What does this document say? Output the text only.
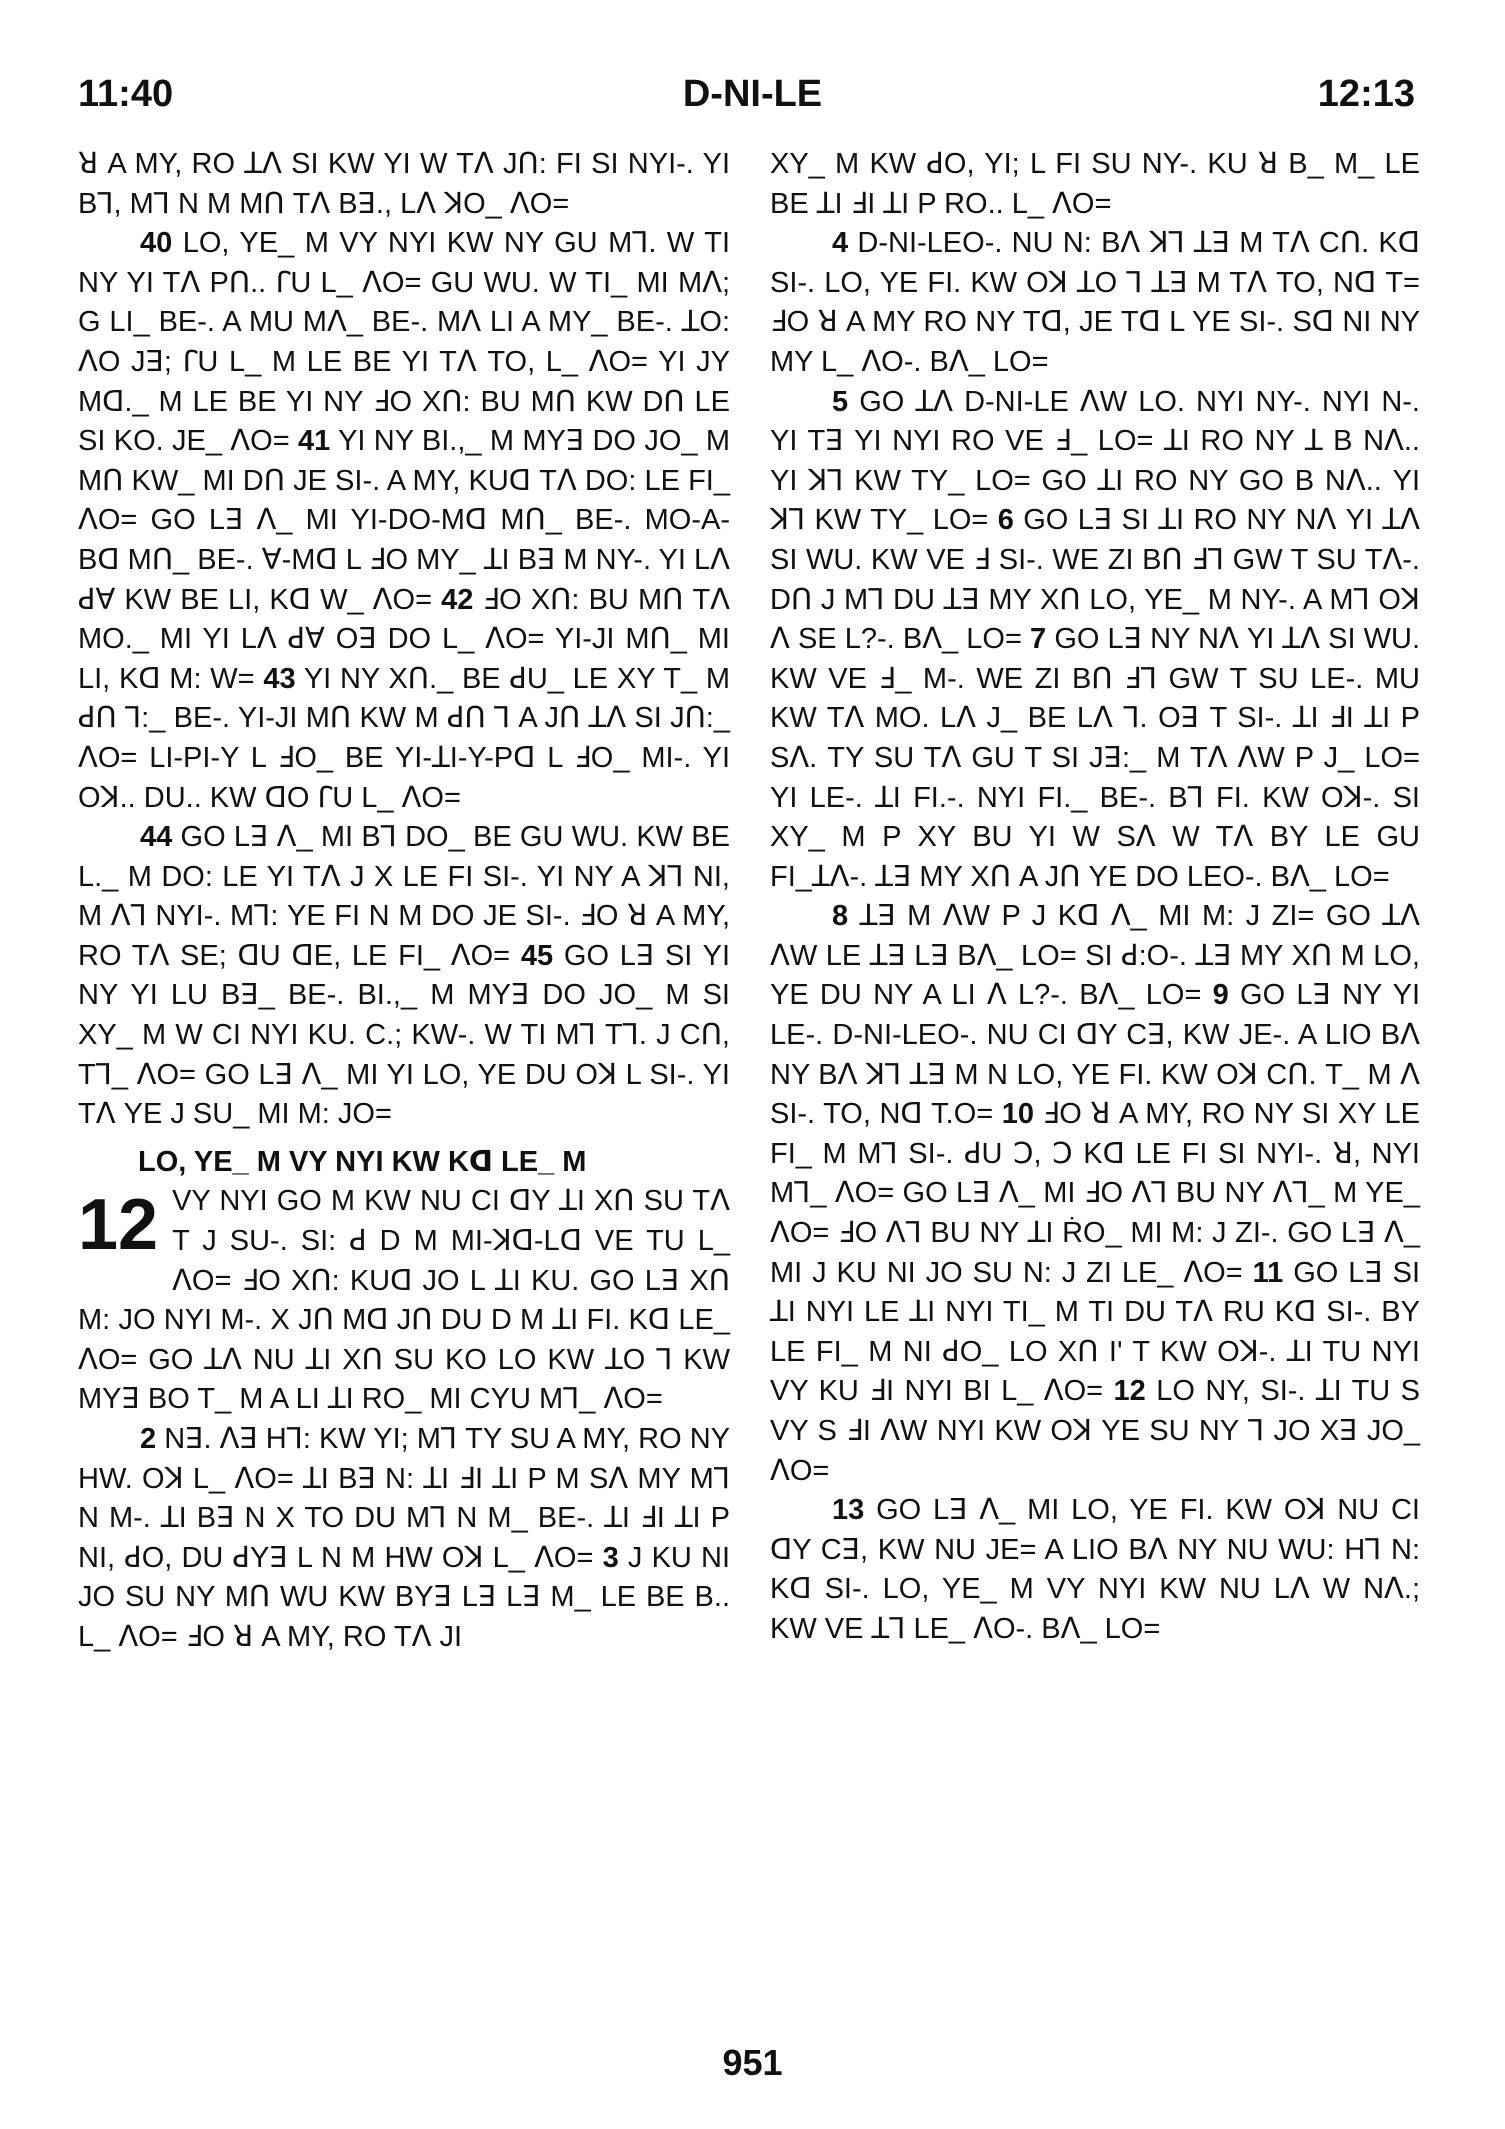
11:40	D-NI-LE	12:13

ꓤ A MY, RO ꓕꓥ SI KW YI W Tꓥ Jꓵ: FI SI NYI-. YI Bꓶ, Mꓶ N M Mꓵ Tꓥ Bꓱ., Lꓥ ꓘO_ ꓥO=

40 LO, YE_ M VY NYI KW NY GU Mꓶ. W TI NY YI Tꓥ Pꓵ.. ꓩU L_ ꓥO= GU WU. W TI_ MI Mꓥ; G LI_ BE-. A MU Mꓥ_ BE-. Mꓥ LI A MY_ BE-. ꓕO: ꓥO Jꓱ; ꓩU L_ M LE BE YI Tꓥ TO, L_ ꓥO= YI JY Mꓷ._ M LE BE YI NY ꓞO Xꓵ: BU Mꓵ KW Dꓵ LE SI KO. JE_ ꓥO= 41 YI NY BI.,_ M MYꓱ DO JO_ M Mꓵ KW_ MI Dꓵ JE SI-. A MY, KUꓷ Tꓥ DO: LE FI_ ꓥO= GO Lꓱ ꓥ_ MI YI-DO-Mꓷ Mꓵ_ BE-. MO-A-Bꓷ Mꓵ_ BE-. ꓯ-Mꓷ L ꓞO MY_ ꓕI Bꓱ M NY-. YI Lꓥ ꓒꓯ KW BE LI, Kꓷ W_ ꓥO= 42 ꓞO Xꓵ: BU Mꓵ Tꓥ MO._ MI YI Lꓥ ꓒꓯ Oꓱ DO L_ ꓥO= YI-JI Mꓵ_ MI LI, Kꓷ M: W= 43 YI NY Xꓵ._ BE ꓒU_ LE XY T_ M ꓒꓵ ꓶ:_ BE-. YI-JI Mꓵ KW M ꓒꓵ ꓶ A Jꓵ ꓕꓥ SI Jꓵ:_ ꓥO= LI-PI-Y L ꓞO_ BE YI-ꓕI-Y-Pꓷ L ꓞO_ MI-. YI Oꓘ.. DU.. KW ꓷO ꓩU L_ ꓥO=

44 GO Lꓱ ꓥ_ MI Bꓶ DO_ BE GU WU. KW BE L._ M DO: LE YI Tꓥ J X LE FI SI-. YI NY A ꓘꓶ NI, M ꓥꓶ NYI-. Mꓶ: YE FI N M DO JE SI-. ꓞO ꓤ A MY, RO Tꓥ SE; ꓷU ꓷE, LE FI_ ꓥO= 45 GO Lꓱ SI YI NY YI LU Bꓱ_ BE-. BI.,_ M MYꓱ DO JO_ M SI XY_ M W CI NYI KU. C.; KW-. W TI Mꓶ Tꓶ. J Cꓵ, Tꓶ_ ꓥO= GO Lꓱ ꓥ_ MI YI LO, YE DU Oꓘ L SI-. YI Tꓥ YE J SU_ MI M: JO=

LO, YE_ M VY NYI KW Kꓷ LE_ M

12 VY NYI GO M KW NU CI ꓷY ꓕI Xꓵ SU Tꓥ T J SU-. SI: ꓒ D M MI-ꓘꓷ-Lꓷ VE TU L_ ꓥO= ꓞO Xꓵ: KUꓷ JO L ꓕI KU. GO Lꓱ Xꓵ M: JO NYI M-. X Jꓵ Mꓷ Jꓵ DU D M ꓕI FI. Kꓷ LE_ ꓥO= GO ꓕꓥ NU ꓕI Xꓵ SU KO LO KW ꓕO ꓶ KW MYꓱ BO T_ M A LI ꓕI RO_ MI CYU Mꓶ_ ꓥO=

2 Nꓱ. ꓥꓱ Hꓶ: KW YI; Mꓶ TY SU A MY, RO NY HW. Oꓘ L_ ꓥO= ꓕI Bꓱ N: ꓕI ꓞI ꓕI P M Sꓥ MY Mꓶ N M-. ꓕI Bꓱ N X TO DU Mꓶ N M_ BE-. ꓕI ꓞI ꓕI P NI, ꓒO, DU ꓒYꓱ L N M HW Oꓘ L_ ꓥO= 3 J KU NI JO SU NY Mꓵ WU KW BYꓱ Lꓱ Lꓱ M_ LE BE B.. L_ ꓥO= ꓞO ꓤ A MY, RO Tꓥ JI

XY_ M KW ꓒO, YI; L FI SU NY-. KU ꓤ B_ M_ LE BE ꓕI ꓞI ꓕI P RO.. L_ ꓥO=

4 D-NI-LEO-. NU N: Bꓥ ꓘꓶ ꓕꓱ M Tꓥ Cꓵ. Kꓷ SI-. LO, YE FI. KW Oꓘ ꓕO ꓶ ꓕꓱ M Tꓥ TO, Nꓷ T= ꓞO ꓤ A MY RO NY Tꓷ, JE Tꓷ L YE SI-. Sꓷ NI NY MY L_ ꓥO-. Bꓥ_ LO=

5 GO ꓕꓥ D-NI-LE ꓥW LO. NYI NY-. NYI N-. YI Tꓱ YI NYI RO VE ꓞ_ LO= ꓕI RO NY ꓕ B Nꓥ.. YI ꓘꓶ KW TY_ LO= GO ꓕI RO NY GO B Nꓥ.. YI ꓘꓶ KW TY_ LO= 6 GO Lꓱ SI ꓕI RO NY Nꓥ YI ꓕꓥ SI WU. KW VE ꓞ SI-. WE ZI Bꓵ ꓞꓶ GW T SU Tꓥ-. Dꓵ J Mꓶ DU ꓕꓱ MY Xꓵ LO, YE_ M NY-. A Mꓶ Oꓘ ꓥ SE L?-. Bꓥ_ LO= 7 GO Lꓱ NY Nꓥ YI ꓕꓥ SI WU. KW VE ꓞ_ M-. WE ZI Bꓵ ꓞꓶ GW T SU LE-. MU KW Tꓥ MO. Lꓥ J_ BE Lꓥ ꓶ. Oꓱ T SI-. ꓕI ꓞI ꓕI P Sꓥ. TY SU Tꓥ GU T SI Jꓱ:_ M Tꓥ ꓥW P J_ LO= YI LE-. ꓕI FI.-. NYI FI._ BE-. Bꓶ FI. KW Oꓘ-. SI XY_ M P XY BU YI W Sꓥ W Tꓥ BY LE GU FI_ꓕꓥ-. ꓕꓱ MY Xꓵ A Jꓵ YE DO LEO-. Bꓥ_ LO=

8 ꓕꓱ M ꓥW P J Kꓷ ꓥ_ MI M: J ZI= GO ꓕꓥ ꓥW LE ꓕꓱ Lꓱ Bꓥ_ LO= SI ꓒ:O-. ꓕꓱ MY Xꓵ M LO, YE DU NY A LI ꓥ L?-. Bꓥ_ LO= 9 GO Lꓱ NY YI LE-. D-NI-LEO-. NU CI ꓷY Cꓱ, KW JE-. A LIO Bꓥ NY Bꓥ ꓘꓶ ꓕꓱ M N LO, YE FI. KW Oꓘ Cꓵ. T_ M ꓥ SI-. TO, Nꓷ T.O= 10 ꓞO ꓤ A MY, RO NY SI XY LE FI_ M Mꓶ SI-. ꓒU ꓛ, ꓛ Kꓷ LE FI SI NYI-. ꓤ, NYI Mꓶ_ ꓥO= GO Lꓱ ꓥ_ MI ꓞO ꓥꓶ BU NY ꓥꓶ_ M YE_ ꓥO= ꓞO ꓥꓶ BU NY ꓕI ṘO_ MI M: J ZI-. GO Lꓱ ꓥ_ MI J KU NI JO SU N: J ZI LE_ ꓥO= 11 GO Lꓱ SI ꓕI NYI LE ꓕI NYI TI_ M TI DU Tꓥ RU Kꓷ SI-. BY LE FI_ M NI ꓒO_ LO Xꓵ Iʹ T KW Oꓘ-. ꓕI TU NYI VY KU ꓞI NYI BI L_ ꓥO= 12 LO NY, SI-. ꓕI TU S VY S ꓞI ꓥW NYI KW Oꓘ YE SU NY ꓶ JO Xꓱ JO_ ꓥO=

13 GO Lꓱ ꓥ_ MI LO, YE FI. KW Oꓘ NU CI ꓷY Cꓱ, KW NU JE= A LIO Bꓥ NY NU WU: Hꓶ N: Kꓷ SI-. LO, YE_ M VY NYI KW NU Lꓥ W Nꓥ.; KW VE ꓕꓶ LE_ ꓥO-. Bꓥ_ LO=

951
